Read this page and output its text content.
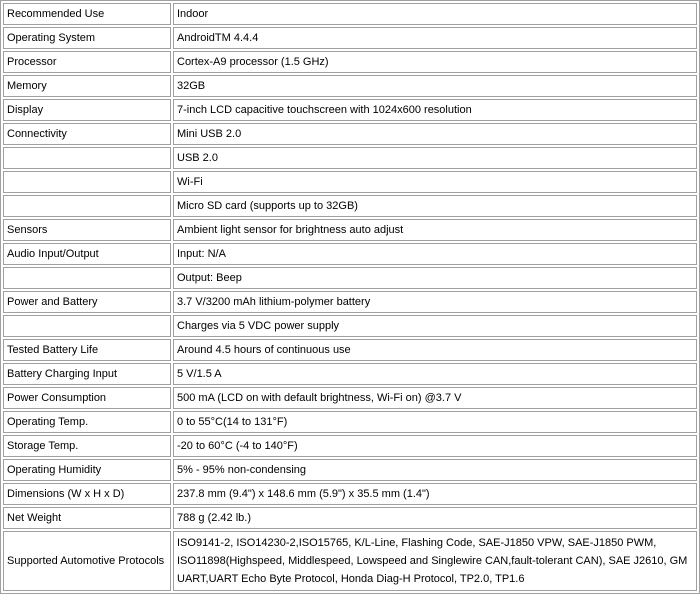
Recommended Use	Indoor
Operating System	AndroidTM 4.4.4
Processor	Cortex-A9 processor (1.5 GHz)
Memory	32GB
Display	7-inch LCD capacitive touchscreen with 1024x600 resolution
Connectivity	Mini USB 2.0
	USB 2.0
	Wi-Fi
	Micro SD card (supports up to 32GB)
Sensors	Ambient light sensor for brightness auto adjust
Audio Input/Output	Input: N/A
	Output: Beep
Power and Battery	3.7 V/3200 mAh lithium-polymer battery
	Charges via 5 VDC power supply
Tested Battery Life	Around 4.5 hours of continuous use
Battery Charging Input	5 V/1.5 A
Power Consumption	500 mA (LCD on with default brightness, Wi-Fi on) @3.7 V
Operating Temp.	0 to 55°C(14 to 131°F)
Storage Temp.	-20 to 60°C (-4 to 140°F)
Operating Humidity	5% - 95% non-condensing
Dimensions (W x H x D)	237.8 mm (9.4") x 148.6 mm (5.9") x 35.5 mm (1.4")
Net Weight	788 g (2.42 lb.)
Supported Automotive Protocols	ISO9141-2, ISO14230-2,ISO15765, K/L-Line, Flashing Code, SAE-J1850 VPW, SAE-J1850 PWM, ISO11898(Highspeed, Middlespeed, Lowspeed and Singlewire CAN,fault-tolerant CAN), SAE J2610, GM UART,UART Echo Byte Protocol, Honda Diag-H Protocol, TP2.0, TP1.6
